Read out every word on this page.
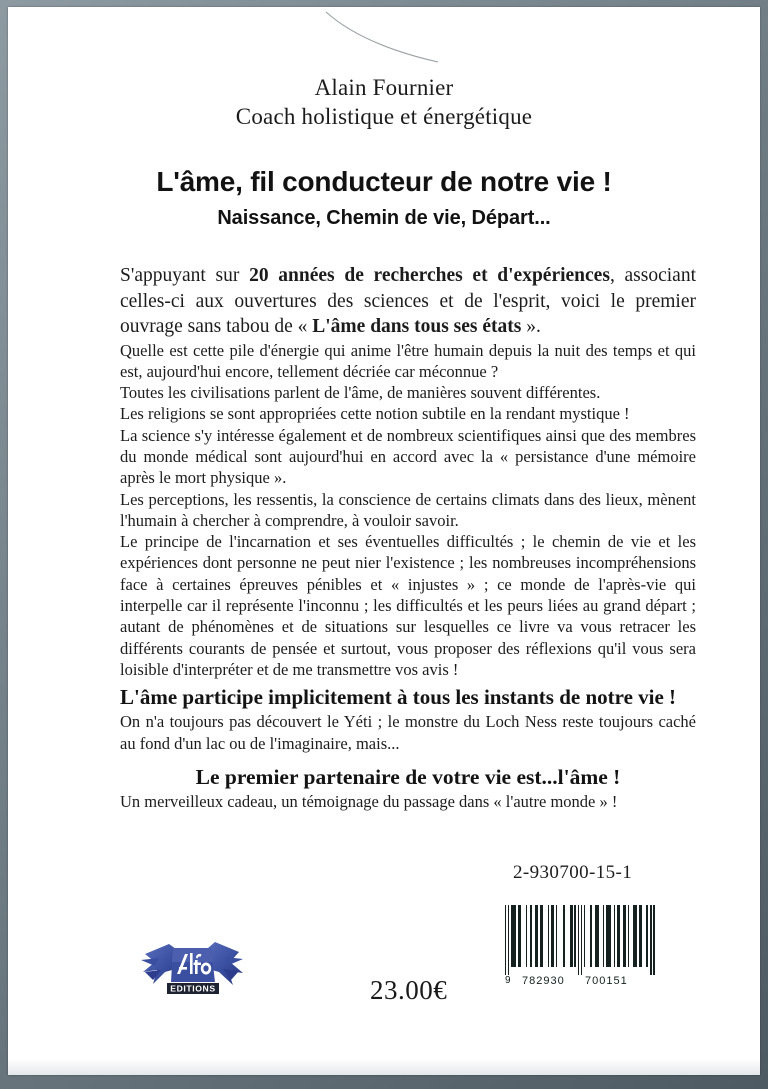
Alain Fournier
Coach holistique et énergétique
L'âme, fil conducteur de notre vie !
Naissance, Chemin de vie, Départ...

S'appuyant sur 20 années de recherches et d'expériences, associant celles-ci aux ouvertures des sciences et de l'esprit, voici le premier ouvrage sans tabou de « L'âme dans tous ses états ».

Quelle est cette pile d'énergie qui anime l'être humain depuis la nuit des temps et qui est, aujourd'hui encore, tellement décriée car méconnue ?
Toutes les civilisations parlent de l'âme, de manières souvent différentes.
Les religions se sont appropriées cette notion subtile en la rendant mystique !
La science s'y intéresse également et de nombreux scientifiques ainsi que des membres du monde médical sont aujourd'hui en accord avec la « persistance d'une mémoire après le mort physique ».
Les perceptions, les ressentis, la conscience de certains climats dans des lieux, mènent l'humain à chercher à comprendre, à vouloir savoir.

Le principe de l'incarnation et ses éventuelles difficultés ; le chemin de vie et les expériences dont personne ne peut nier l'existence ; les nombreuses incompréhensions face à certaines épreuves pénibles et « injustes » ; ce monde de l'après-vie qui interpelle car il représente l'inconnu ; les difficultés et les peurs liées au grand départ ; autant de phénomènes et de situations sur lesquelles ce livre va vous retracer les différents courants de pensée et surtout, vous proposer des réflexions qu'il vous sera loisible d'interpréter et de me transmettre vos avis !

L'âme participe implicitement à tous les instants de notre vie !

On n'a toujours pas découvert le Yéti ; le monstre du Loch Ness reste toujours caché au fond d'un lac ou de l'imaginaire, mais...

Le premier partenaire de votre vie est...l'âme !

Un merveilleux cadeau, un témoignage du passage dans « l'autre monde » !

2-930700-15-1
9 782930 700151
EDITIONS	23.00€
